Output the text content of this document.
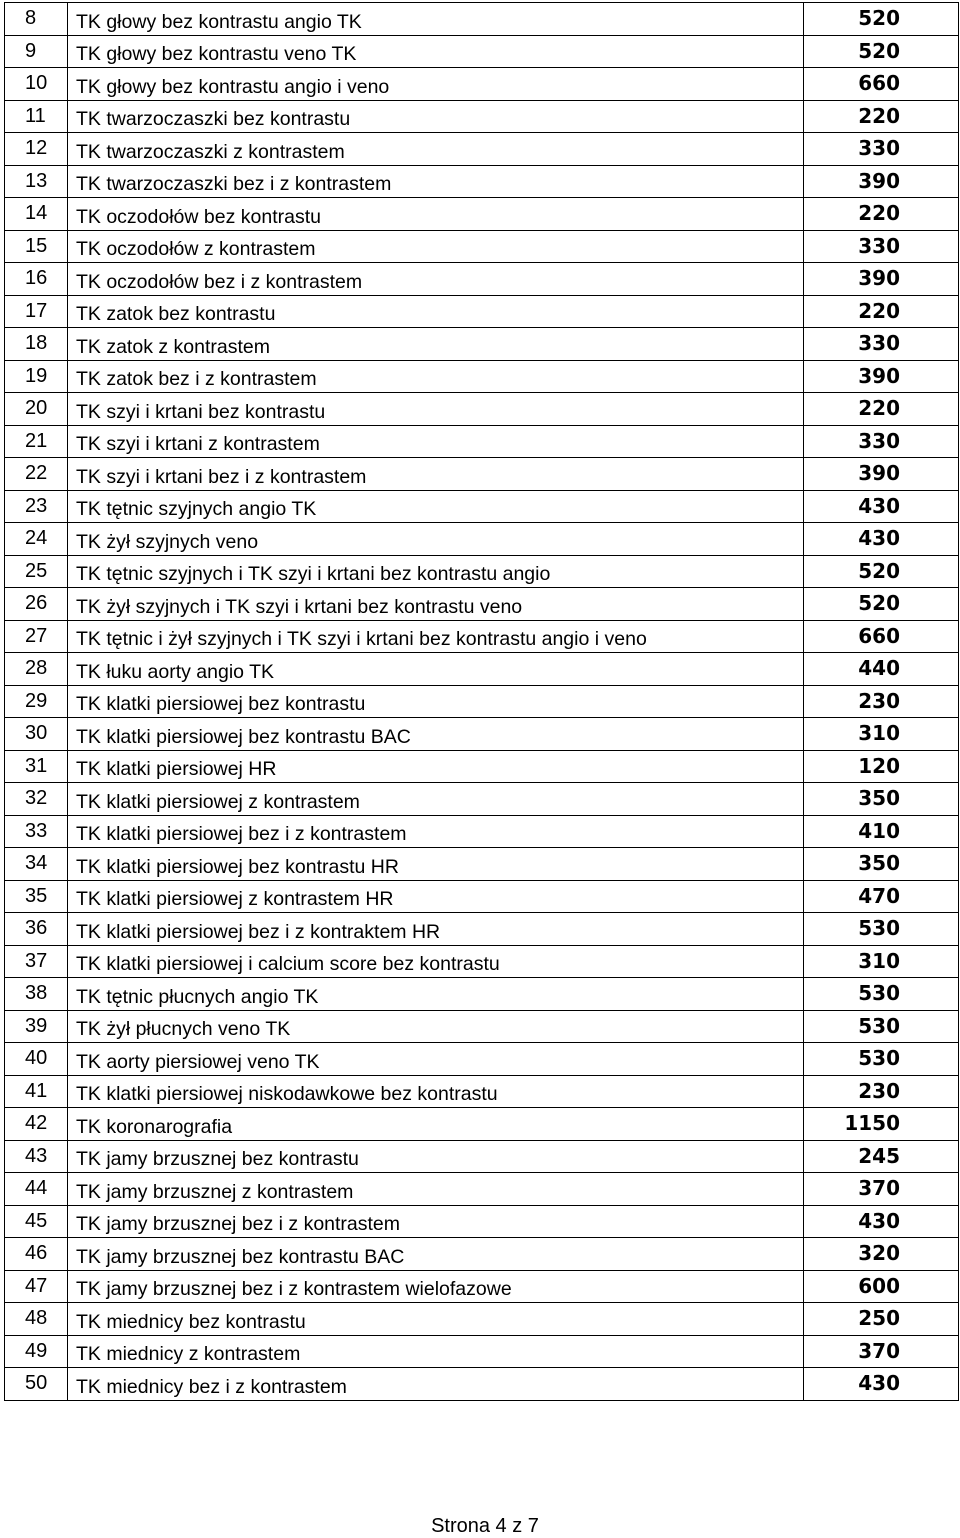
8	TK głowy bez kontrastu angio TK	520
9	TK głowy bez kontrastu veno TK	520
10	TK głowy bez kontrastu angio i veno	660
11	TK twarzoczaszki bez kontrastu	220
12	TK twarzoczaszki z kontrastem	330
13	TK twarzoczaszki bez i z kontrastem	390
14	TK oczodołów bez kontrastu	220
15	TK oczodołów z kontrastem	330
16	TK oczodołów bez i z kontrastem	390
17	TK zatok bez kontrastu	220
18	TK zatok z kontrastem	330
19	TK zatok bez i z kontrastem	390
20	TK szyi i krtani bez kontrastu	220
21	TK szyi i krtani z kontrastem	330
22	TK szyi i krtani bez i z kontrastem	390
23	TK tętnic szyjnych angio TK	430
24	TK żył szyjnych veno	430
25	TK tętnic szyjnych i TK szyi i krtani bez kontrastu angio	520
26	TK żył szyjnych i TK szyi i krtani bez kontrastu veno	520
27	TK tętnic i żył szyjnych i TK szyi i krtani bez kontrastu angio i veno	660
28	TK łuku aorty angio TK	440
29	TK klatki piersiowej bez kontrastu	230
30	TK klatki piersiowej bez kontrastu BAC	310
31	TK klatki piersiowej HR	120
32	TK klatki piersiowej z kontrastem	350
33	TK klatki piersiowej bez i z kontrastem	410
34	TK klatki piersiowej bez kontrastu HR	350
35	TK klatki piersiowej z kontrastem HR	470
36	TK klatki piersiowej bez i z kontraktem HR	530
37	TK klatki piersiowej i calcium score bez kontrastu	310
38	TK tętnic płucnych angio TK	530
39	TK żył płucnych veno TK	530
40	TK aorty piersiowej veno TK	530
41	TK klatki piersiowej niskodawkowe bez kontrastu	230
42	TK koronarografia	1150
43	TK jamy brzusznej bez kontrastu	245
44	TK jamy brzusznej z kontrastem	370
45	TK jamy brzusznej bez i z kontrastem	430
46	TK jamy brzusznej bez kontrastu BAC	320
47	TK jamy brzusznej bez i z kontrastem wielofazowe	600
48	TK miednicy bez kontrastu	250
49	TK miednicy z kontrastem	370
50	TK miednicy bez i z kontrastem	430
Strona 4 z 7
